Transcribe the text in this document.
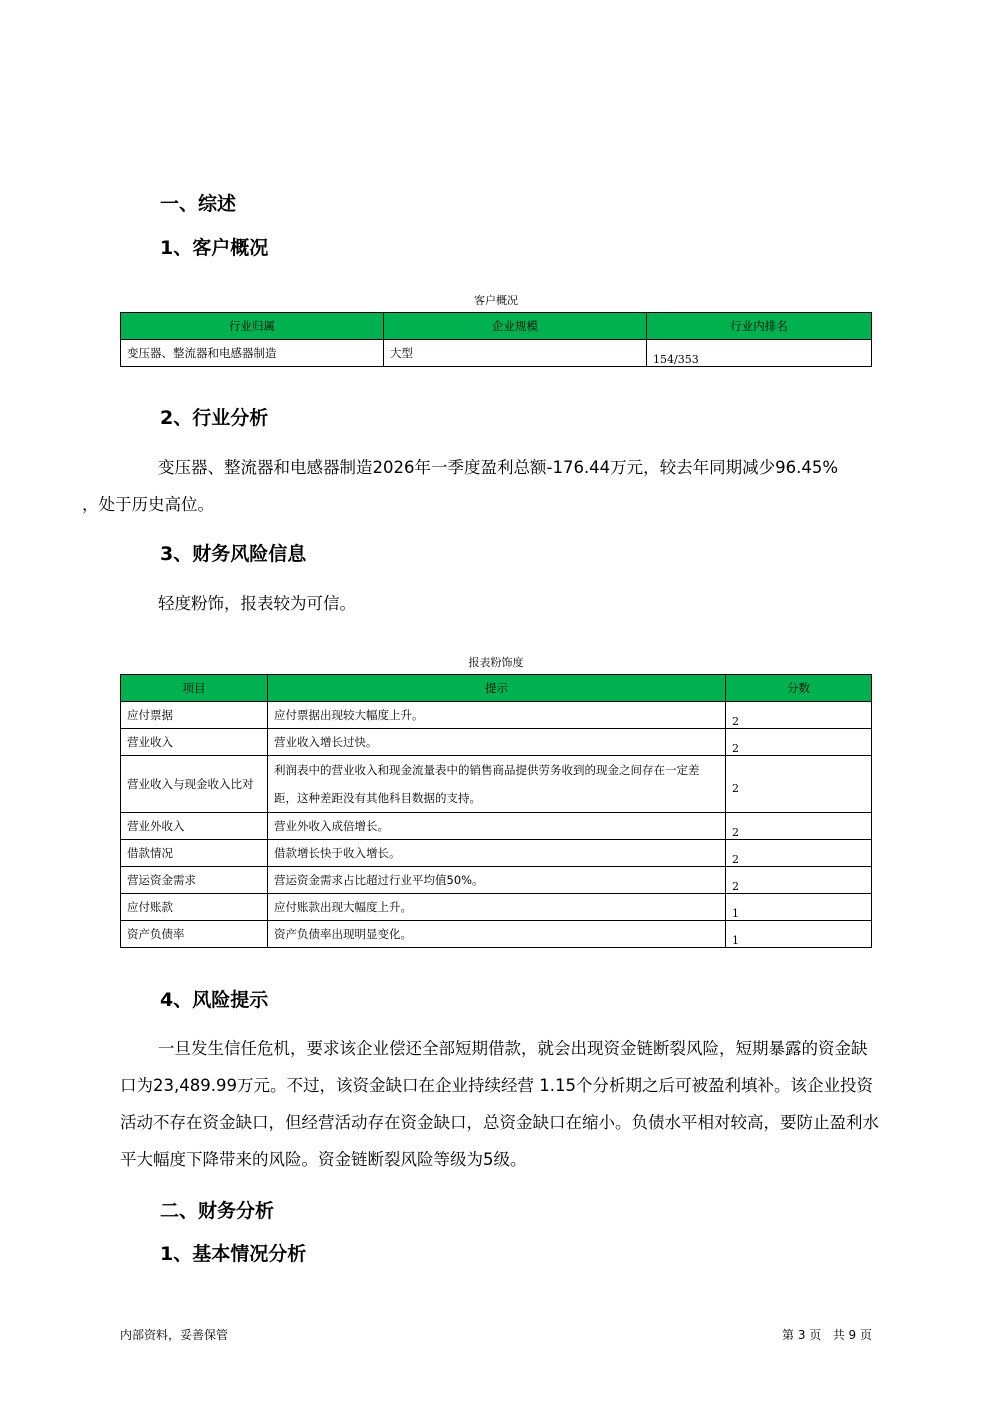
一、综述
1、客户概况
客户概况
行业归属	企业规模	行业内排名
变压器、整流器和电感器制造	大型	154/353
2、行业分析

变压器、整流器和电感器制造2026年一季度盈利总额-176.44万元，较去年同期减少96.45%
，处于历史高位。

3、财务风险信息

轻度粉饰，报表较为可信。

报表粉饰度
项目	提示	分数
应付票据	应付票据出现较大幅度上升。	2
营业收入	营业收入增长过快。	2
营业收入与现金收入比对	利润表中的营业收入和现金流量表中的销售商品提供劳务收到的现金之间存在一定差距，这种差距没有其他科目数据的支持。	2
营业外收入	营业外收入成倍增长。	2
借款情况	借款增长快于收入增长。	2
营运资金需求	营运资金需求占比超过行业平均值50%。	2
应付账款	应付账款出现大幅度上升。	1
资产负债率	资产负债率出现明显变化。	1
4、风险提示

一旦发生信任危机，要求该企业偿还全部短期借款，就会出现资金链断裂风险，短期暴露的资金缺口为23,489.99万元。不过，该资金缺口在企业持续经营 1.15个分析期之后可被盈利填补。该企业投资活动不存在资金缺口，但经营活动存在资金缺口，总资金缺口在缩小。负债水平相对较高，要防止盈利水平大幅度下降带来的风险。资金链断裂风险等级为5级。

二、财务分析
1、基本情况分析
内部资料，妥善保管	第 3 页   共 9 页
